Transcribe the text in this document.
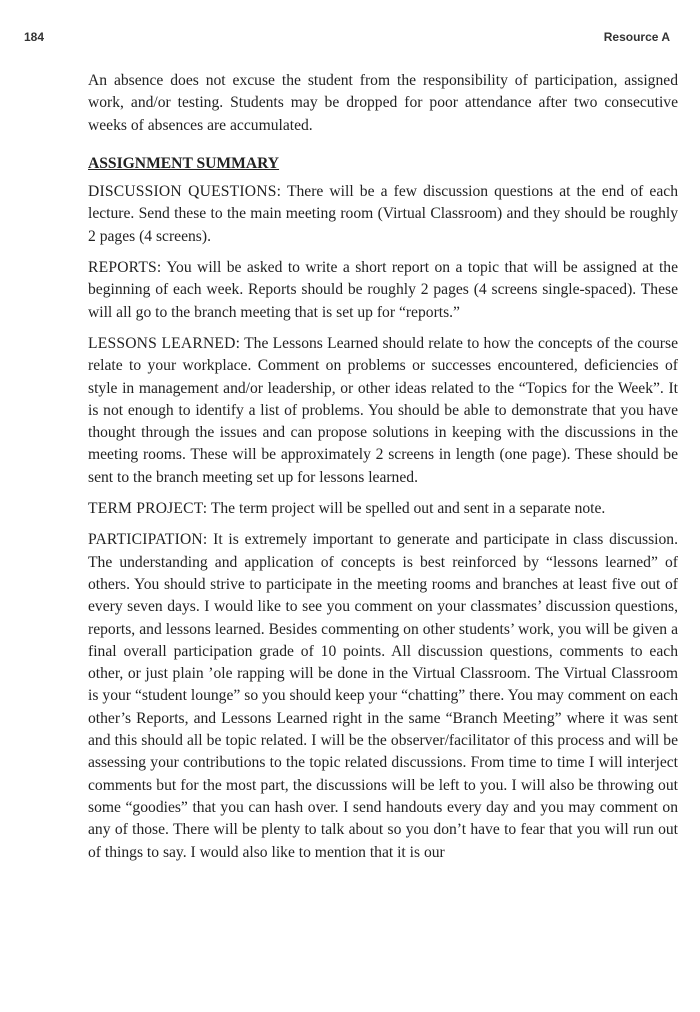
184	Resource A

An absence does not excuse the student from the responsibility of participation, assigned work, and/or testing. Students may be dropped for poor attendance after two consecutive weeks of absences are accumulated.

ASSIGNMENT SUMMARY

DISCUSSION QUESTIONS: There will be a few discussion questions at the end of each lecture. Send these to the main meeting room (Virtual Classroom) and they should be roughly 2 pages (4 screens).

REPORTS: You will be asked to write a short report on a topic that will be assigned at the beginning of each week. Reports should be roughly 2 pages (4 screens single-spaced). These will all go to the branch meeting that is set up for “reports.”

LESSONS LEARNED: The Lessons Learned should relate to how the concepts of the course relate to your workplace. Comment on problems or successes encountered, deficiencies of style in management and/or leadership, or other ideas related to the “Topics for the Week”. It is not enough to identify a list of problems. You should be able to demonstrate that you have thought through the issues and can propose solutions in keeping with the discussions in the meeting rooms. These will be approximately 2 screens in length (one page). These should be sent to the branch meeting set up for lessons learned.

TERM PROJECT: The term project will be spelled out and sent in a separate note.

PARTICIPATION: It is extremely important to generate and participate in class discussion. The understanding and application of concepts is best reinforced by “lessons learned” of others. You should strive to participate in the meeting rooms and branches at least five out of every seven days. I would like to see you comment on your classmates’ discussion questions, reports, and lessons learned. Besides commenting on other students’ work, you will be given a final overall participation grade of 10 points. All discussion questions, comments to each other, or just plain ’ole rapping will be done in the Virtual Classroom. The Virtual Classroom is your “student lounge” so you should keep your “chatting” there. You may comment on each other’s Reports, and Lessons Learned right in the same “Branch Meeting” where it was sent and this should all be topic related. I will be the observer/facilitator of this process and will be assessing your contributions to the topic related discussions. From time to time I will interject comments but for the most part, the discussions will be left to you. I will also be throwing out some “goodies” that you can hash over. I send handouts every day and you may comment on any of those. There will be plenty to talk about so you don’t have to fear that you will run out of things to say. I would also like to mention that it is our
